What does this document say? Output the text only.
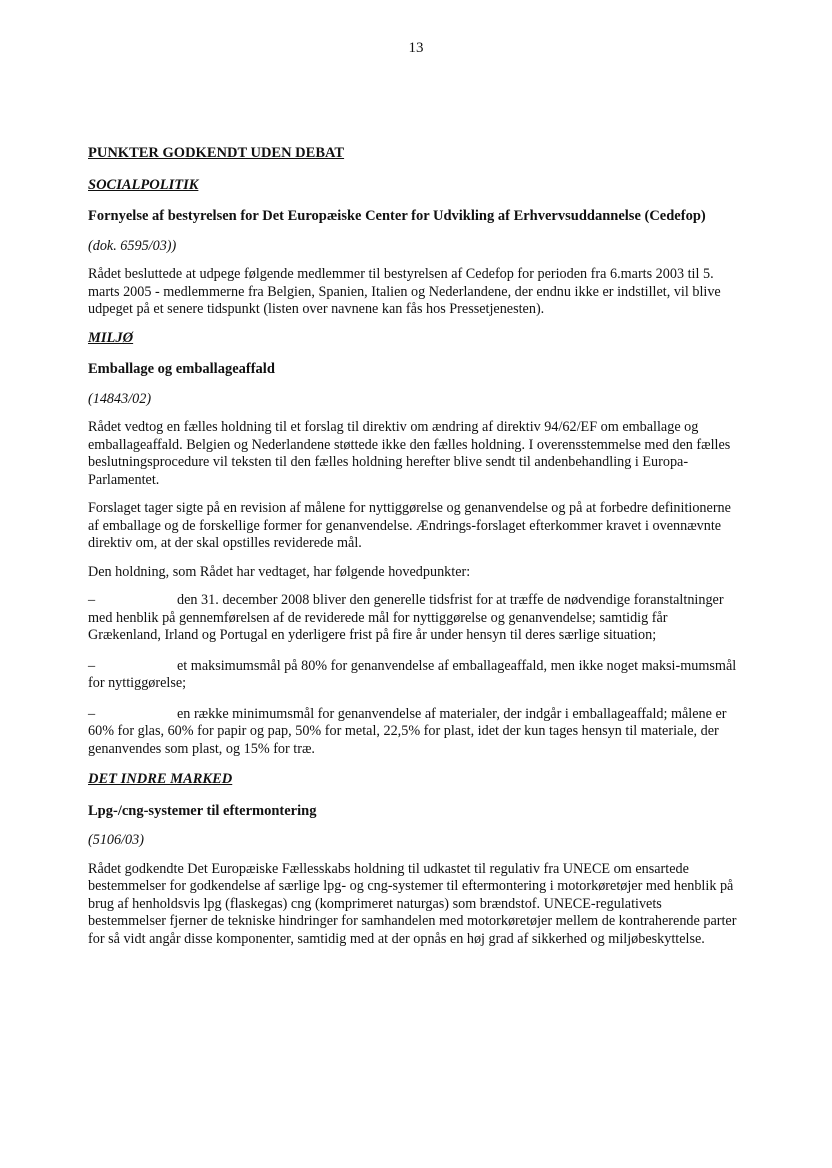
13
PUNKTER GODKENDT UDEN DEBAT
SOCIALPOLITIK
Fornyelse af bestyrelsen for Det Europæiske Center for Udvikling af Erhvervsuddannelse (Cedefop)
(dok. 6595/03))

Rådet besluttede at udpege følgende medlemmer til bestyrelsen af Cedefop for perioden fra 6.marts 2003 til 5. marts 2005 - medlemmerne fra Belgien, Spanien, Italien og Nederlandene, der endnu ikke er indstillet, vil blive udpeget på et senere tidspunkt (listen over navnene kan fås hos Pressetjenesten).

MILJØ
Emballage og emballageaffald
(14843/02)

Rådet vedtog en fælles holdning til et forslag til direktiv om ændring af direktiv 94/62/EF om emballage og emballageaffald. Belgien og Nederlandene støttede ikke den fælles holdning. I overensstemmelse med den fælles beslutningsprocedure vil teksten til den fælles holdning herefter blive sendt til andenbehandling i Europa-Parlamentet.

Forslaget tager sigte på en revision af målene for nyttiggørelse og genanvendelse og på at forbedre definitionerne af emballage og de forskellige former for genanvendelse. Ændrings-forslaget efterkommer kravet i ovennævnte direktiv om, at der skal opstilles reviderede mål.

Den holdning, som Rådet har vedtaget, har følgende hovedpunkter:

–	den 31. december 2008 bliver den generelle tidsfrist for at træffe de nødvendige foranstaltninger med henblik på gennemførelsen af de reviderede mål for nyttiggørelse og genanvendelse; samtidig får Grækenland, Irland og Portugal en yderligere frist på fire år under hensyn til deres særlige situation;
–	et maksimumsmål på 80% for genanvendelse af emballageaffald, men ikke noget maksi-mumsmål for nyttiggørelse;
–	en række minimumsmål for genanvendelse af materialer, der indgår i emballageaffald; målene er 60% for glas, 60% for papir og pap, 50% for metal, 22,5% for plast, idet der kun tages hensyn til materiale, der genanvendes som plast, og 15% for træ.
DET INDRE MARKED
Lpg-/cng-systemer til eftermontering
(5106/03)

Rådet godkendte Det Europæiske Fællesskabs holdning til udkastet til regulativ fra UNECE om ensartede bestemmelser for godkendelse af særlige lpg- og cng-systemer til eftermontering i motorkøretøjer med henblik på brug af henholdsvis lpg (flaskegas) cng (komprimeret naturgas) som brændstof. UNECE-regulativets bestemmelser fjerner de tekniske hindringer for samhandelen med motorkøretøjer mellem de kontraherende parter for så vidt angår disse komponenter, samtidig med at der opnås en høj grad af sikkerhed og miljøbeskyttelse.
